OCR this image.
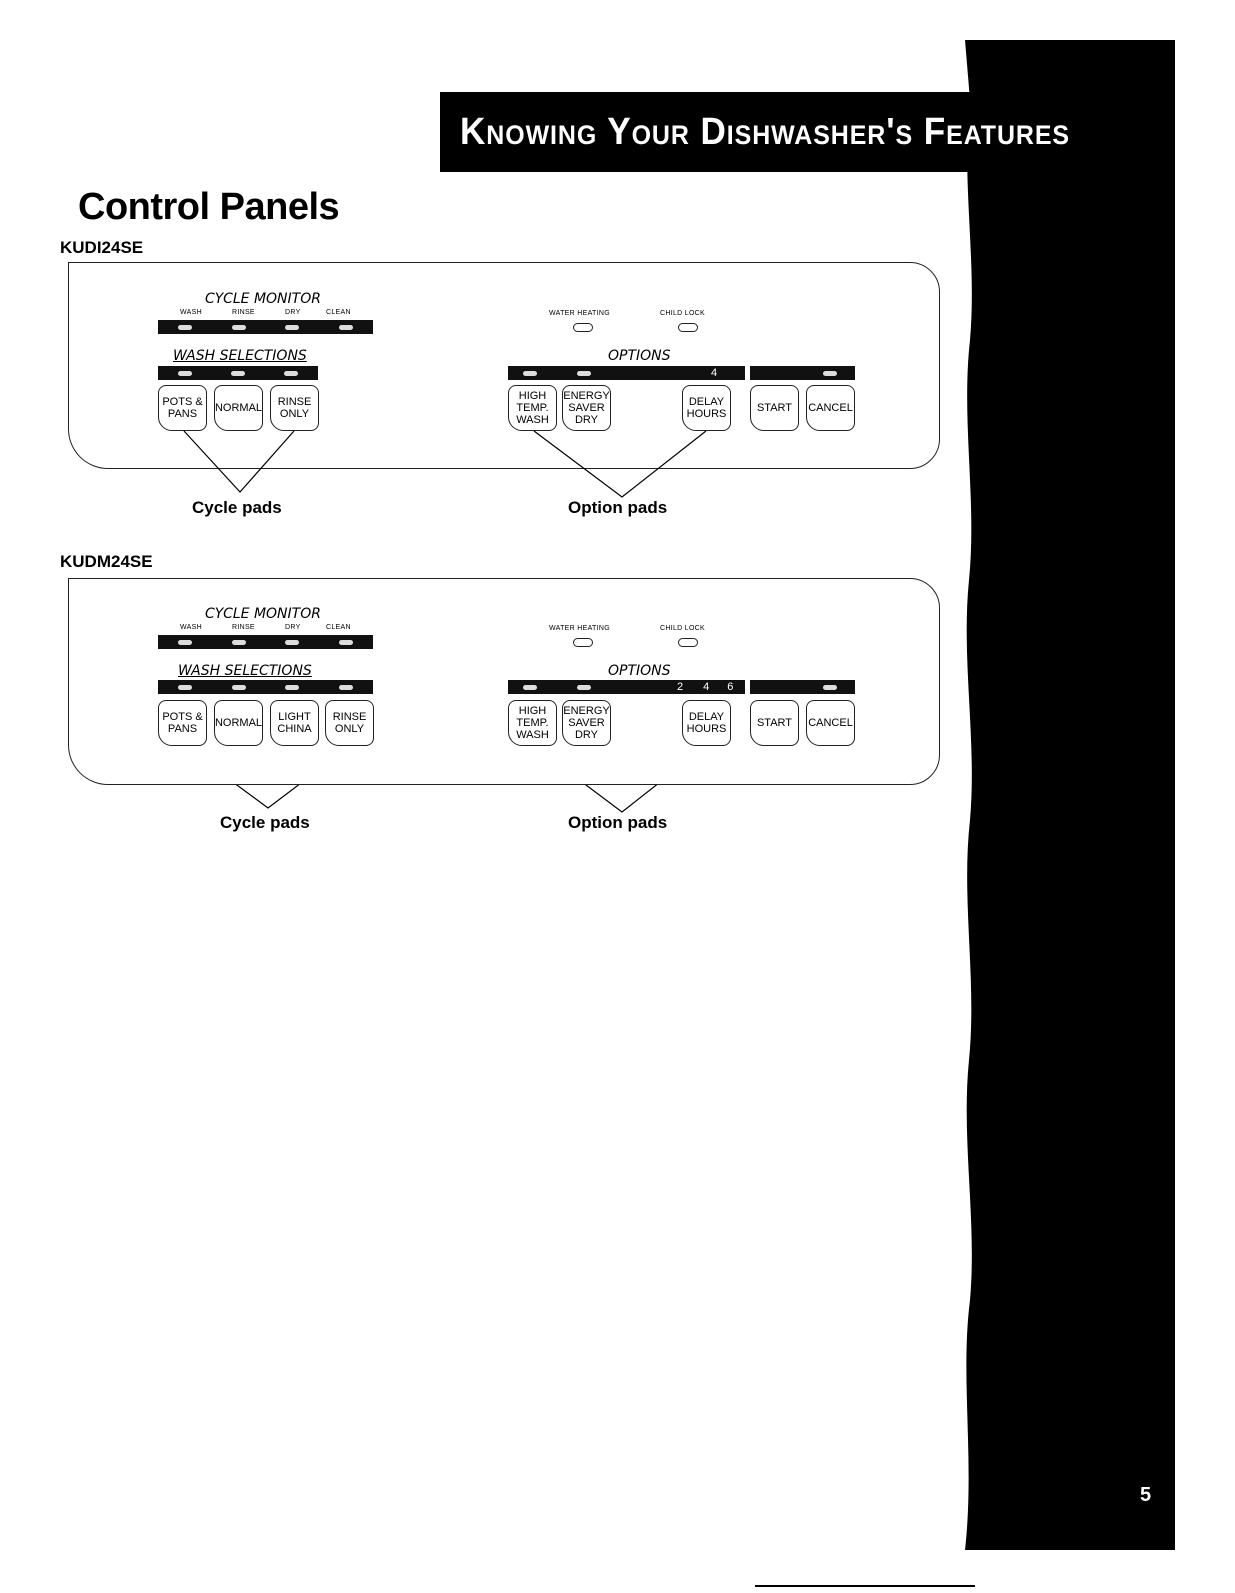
Knowing Your Dishwasher's Features
Control Panels
KUDI24SE
CYCLE MONITOR
WASH	RINSE	DRY	CLEAN
WASH SELECTIONS
POTS &
PANS	NORMAL RINSE
ONLY
WATER HEATING	CHILD LOCK
OPTIONS
4
HIGH
TEMP.
WASH
ENERGY
SAVER
DRY
DELAY
HOURS	START CANCEL
Cycle pads	Option pads
KUDM24SE
CYCLE MONITOR
WASH	RINSE	DRY	CLEAN
WASH SELECTIONS
POTS &
PANS	NORMAL LIGHT
CHINA
RINSE
ONLY
WATER HEATING	CHILD LOCK
OPTIONS
2 4 6
HIGH
TEMP.
WASH
ENERGY
SAVER
DRY
DELAY
HOURS	START CANCEL
Cycle pads	Option pads
5
